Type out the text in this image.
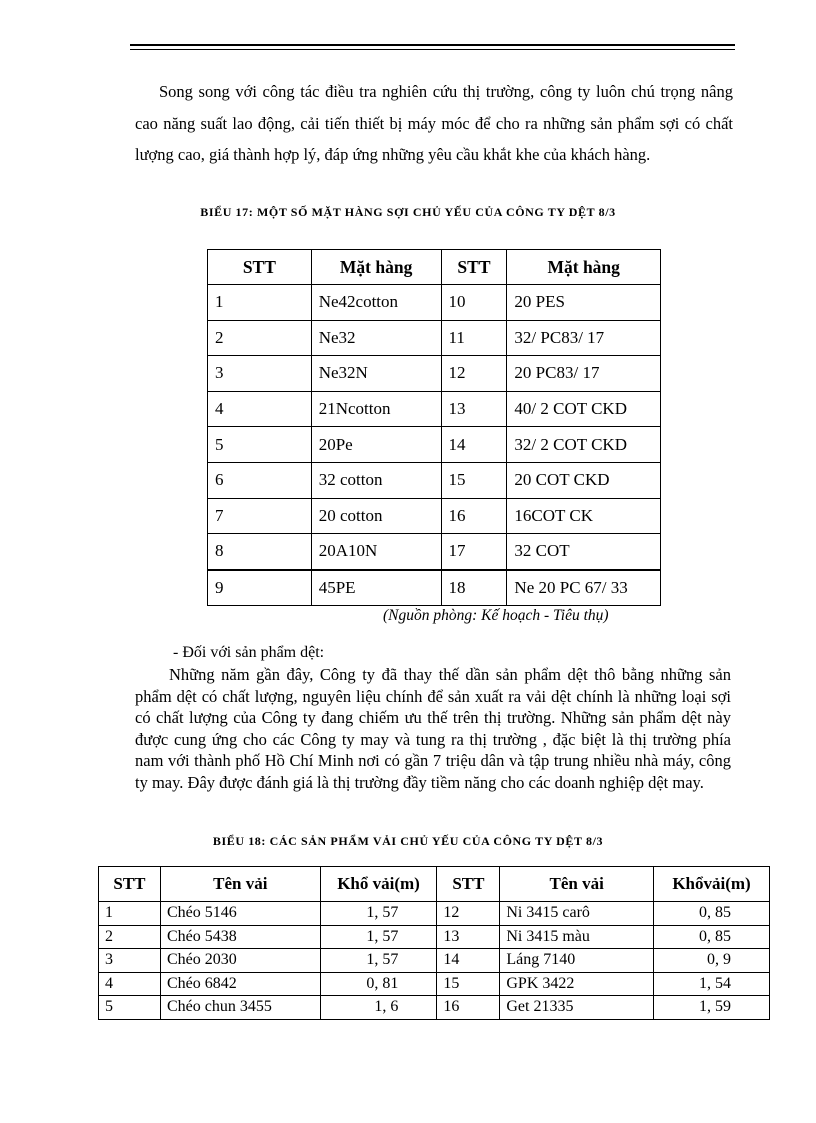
Song song với công tác điều tra nghiên cứu thị trường, công ty luôn chú trọng nâng cao năng suất lao động, cải tiến thiết bị máy móc để cho ra những sản phẩm sợi có chất lượng cao, giá thành hợp lý, đáp ứng những yêu cầu khắt khe của khách hàng.

BIỂU 17: MỘT SỐ MẶT HÀNG SỢI CHỦ YẾU CỦA CÔNG TY DỆT 8/3

STT	Mặt hàng	STT	Mặt hàng
1	Ne42cotton	10	20 PES
2	Ne32	11	32/ PC83/ 17
3	Ne32N	12	20 PC83/ 17
4	21Ncotton	13	40/ 2 COT CKD
5	20Pe	14	32/ 2 COT CKD
6	32 cotton	15	20 COT CKD
7	20 cotton	16	16COT CK
8	20A10N	17	32 COT
9	45PE	18	Ne 20 PC 67/ 33

(Nguồn phòng: Kế hoạch - Tiêu thụ)

- Đối với sản phẩm dệt:

Những năm gần đây, Công ty đã thay thế dần sản phẩm dệt thô bằng những sản phẩm dệt có chất lượng, nguyên liệu chính để sản xuất ra vải dệt chính là những loại sợi có chất lượng của Công ty đang chiếm ưu thế trên thị trường. Những sản phẩm dệt này được cung ứng cho các Công ty may và tung ra thị trường , đặc biệt là thị trường phía nam với thành phố Hồ Chí Minh nơi có gần 7 triệu dân và tập trung nhiều nhà máy, công ty may. Đây được đánh giá là thị trường đầy tiềm năng cho các doanh nghiệp dệt may.

BIỂU 18: CÁC SẢN PHẨM VẢI CHỦ YẾU CỦA CÔNG TY DỆT 8/3

STT	Tên vải	Khổ vải(m)	STT	Tên vải	Khổvải(m)
1	Chéo 5146	1, 57	12	Ni 3415 carô	0, 85
2	Chéo 5438	1, 57	13	Ni 3415 màu	0, 85
3	Chéo 2030	1, 57	14	Láng 7140	0, 9
4	Chéo 6842	0, 81	15	GPK 3422	1, 54
5	Chéo chun 3455	1, 6	16	Get 21335	1, 59
